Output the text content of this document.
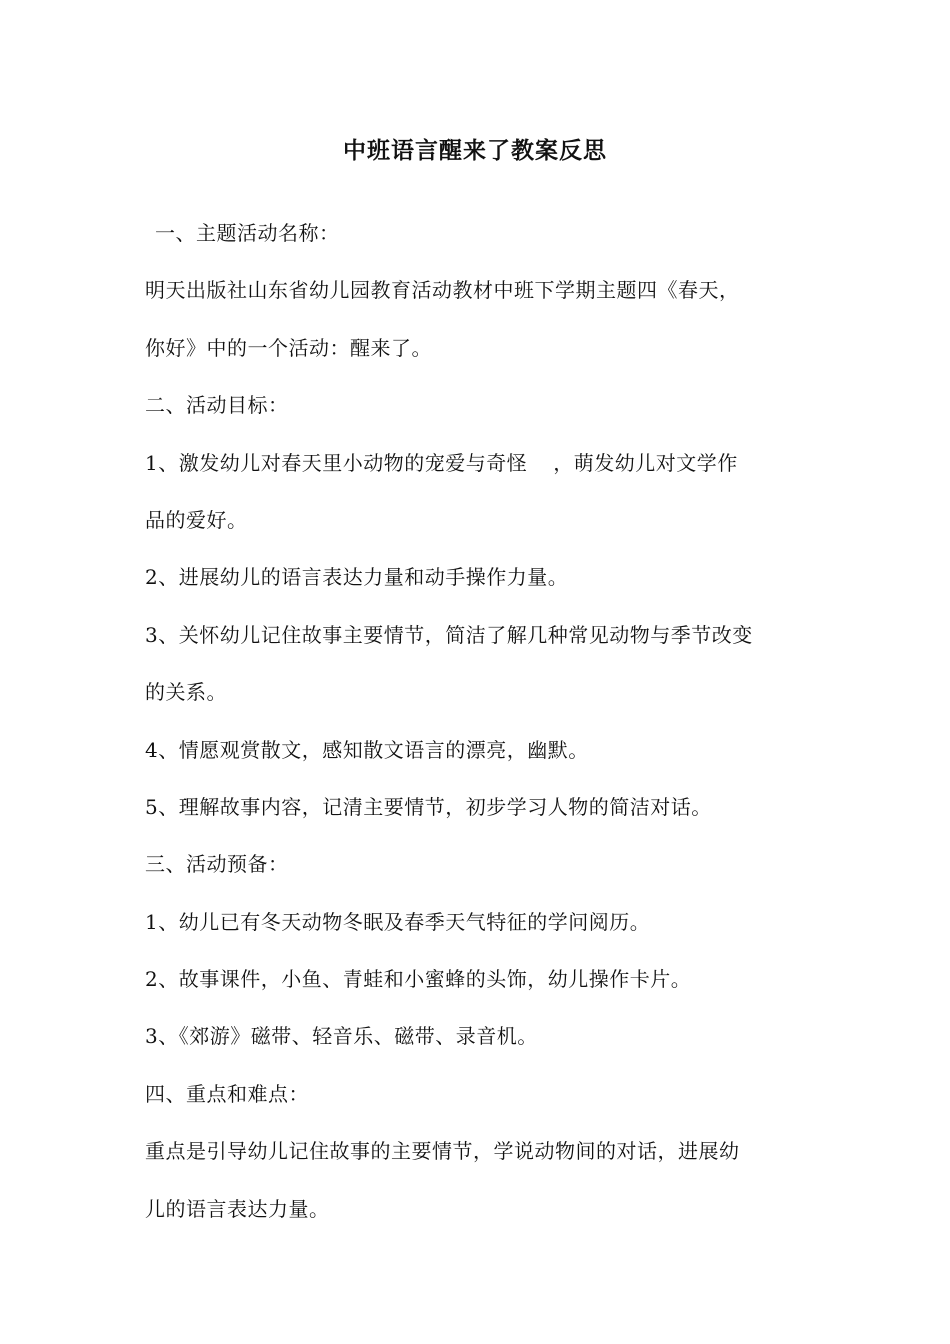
中班语言醒来了教案反思
一、主题活动名称：
明天出版社山东省幼儿园教育活动教材中班下学期主题四《春天，
你好》中的一个活动：醒来了。
二、活动目标：
1、激发幼儿对春天里小动物的宠爱与奇怪 ，萌发幼儿对文学作
品的爱好。
2、进展幼儿的语言表达力量和动手操作力量。
3、关怀幼儿记住故事主要情节，简洁了解几种常见动物与季节改变
的关系。
4、情愿观赏散文，感知散文语言的漂亮，幽默。
5、理解故事内容，记清主要情节，初步学习人物的简洁对话。
三、活动预备：
1、幼儿已有冬天动物冬眠及春季天气特征的学问阅历。
2、故事课件，小鱼、青蛙和小蜜蜂的头饰，幼儿操作卡片。
3、《郊游》磁带、轻音乐、磁带、录音机。
四、重点和难点：
重点是引导幼儿记住故事的主要情节，学说动物间的对话，进展幼
儿的语言表达力量。
